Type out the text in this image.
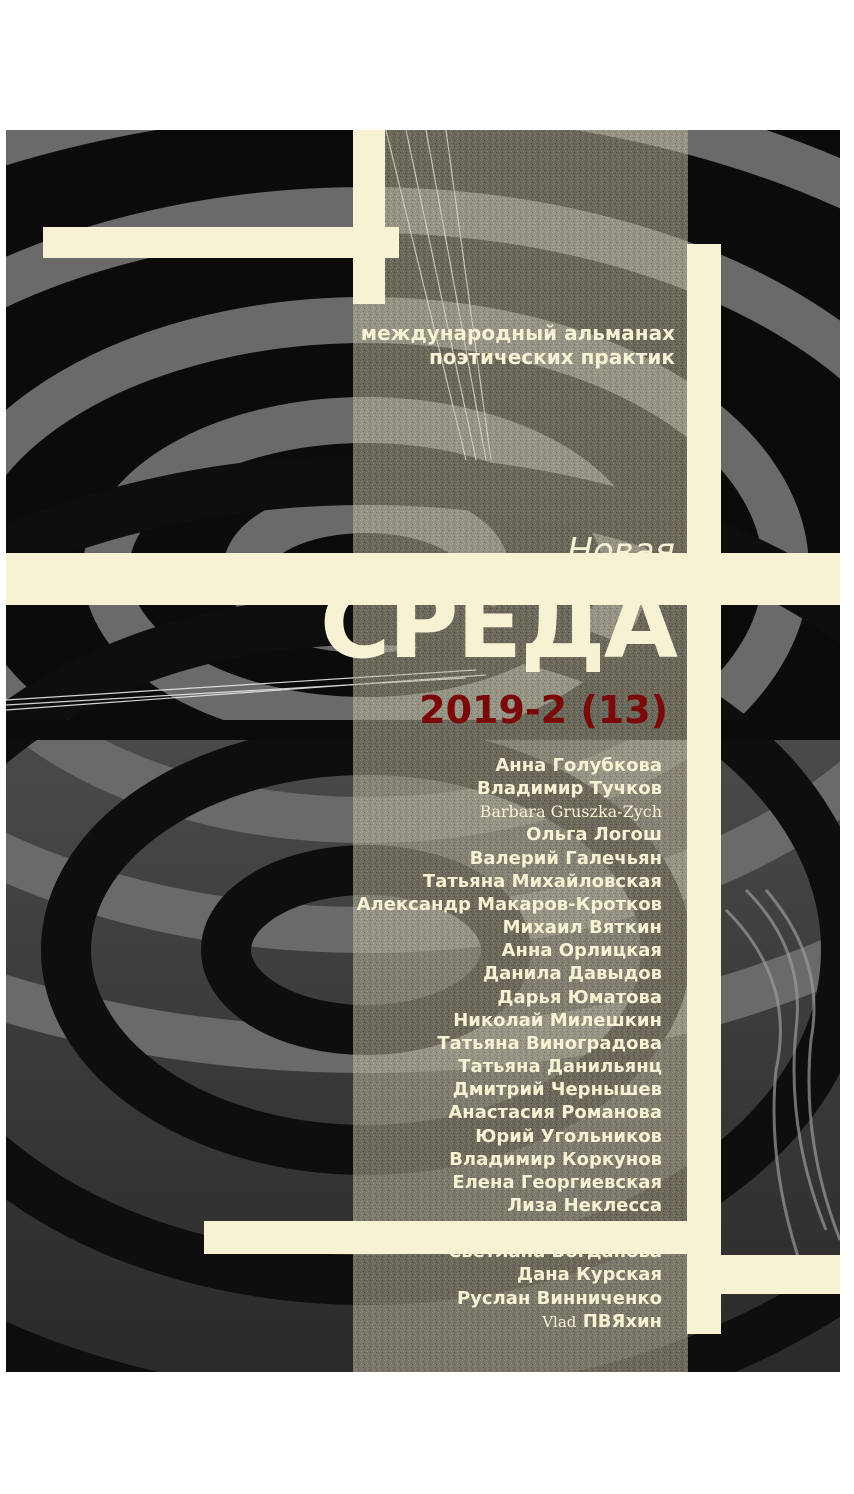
международный альманах
поэтических практик
Новая
СРЕДА
2019-2 (13)
Анна Голубкова
Владимир Тучков
Barbara Gruszka-Zych
Ольга Логош
Валерий Галечьян
Татьяна Михайловская
Александр Макаров-Кротков
Михаил Вяткин
Анна Орлицкая
Данила Давыдов
Дарья Юматова
Николай Милешкин
Татьяна Виноградова
Татьяна Данильянц
Дмитрий Чернышев
Анастасия Романова
Юрий Угольников
Владимир Коркунов
Елена Георгиевская
Лиза Неклесса
Нина Александрова
Светлана Богданова
Дана Курская
Руслан Винниченко
Vlad ПВЯхин
